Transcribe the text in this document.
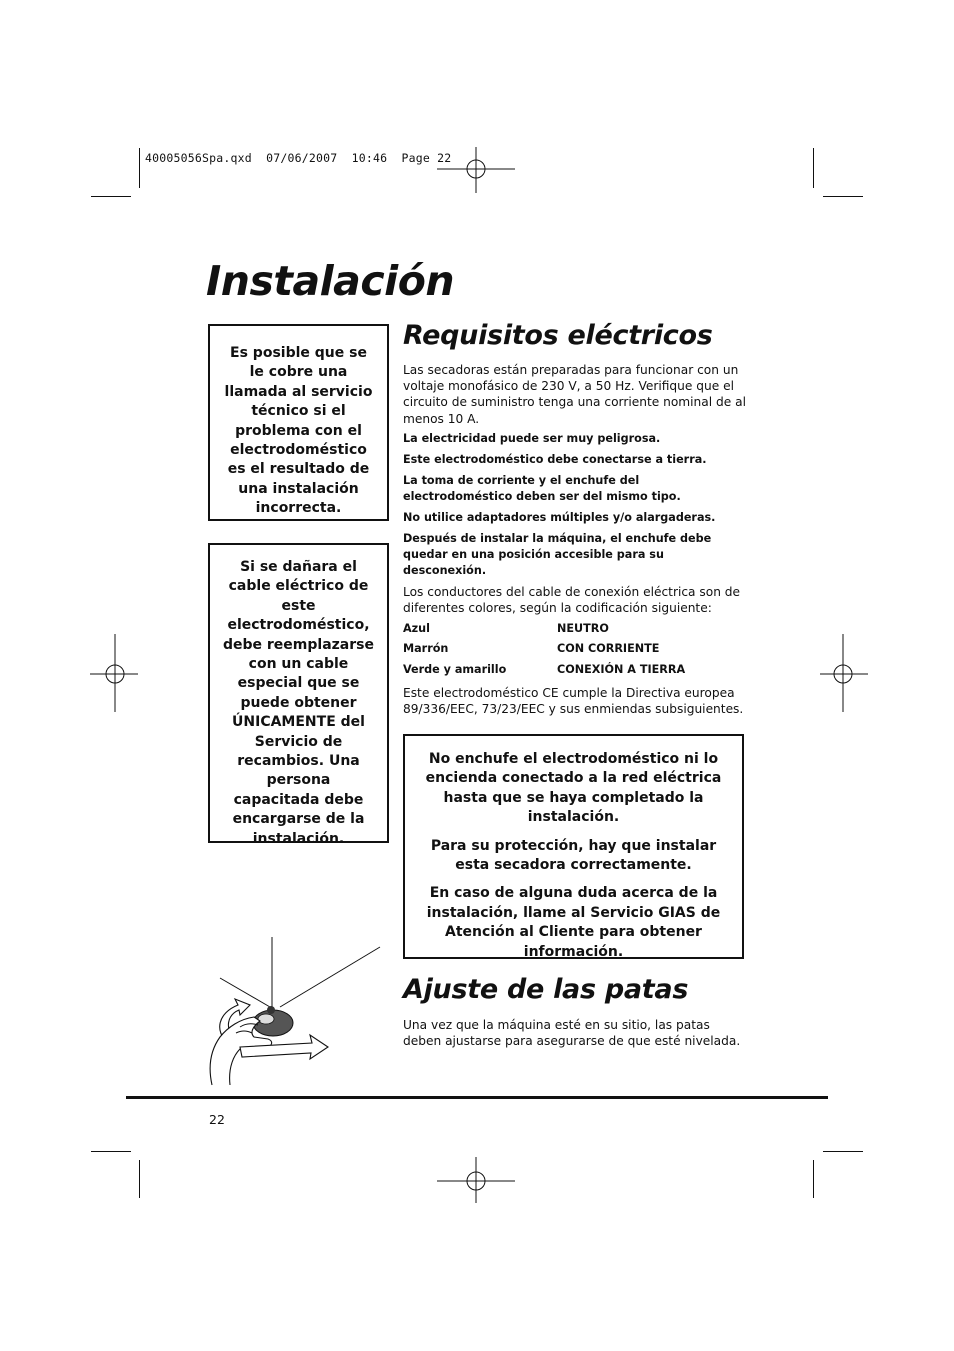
40005056Spa.qxd  07/06/2007  10:46  Page 22
Instalación
Es posible que se le cobre una llamada al servicio técnico si el problema con el electrodoméstico es el resultado de una instalación incorrecta.
Si se dañara el cable eléctrico de este electrodoméstico, debe reemplazarse con un cable especial que se puede obtener ÚNICAMENTE del Servicio de recambios. Una persona capacitada debe encargarse de la instalación.
Requisitos eléctricos

Las secadoras están preparadas para funcionar con un voltaje monofásico de 230 V, a 50 Hz. Verifique que el circuito de suministro tenga una corriente nominal de al menos 10 A.

La electricidad puede ser muy peligrosa.

Este electrodoméstico debe conectarse a tierra.

La toma de corriente y el enchufe del electrodoméstico deben ser del mismo tipo.

No utilice adaptadores múltiples y/o alargaderas.

Después de instalar la máquina, el enchufe debe quedar en una posición accesible para su desconexión.

Los conductores del cable de conexión eléctrica son de diferentes colores, según la codificación siguiente:

Azul	NEUTRO
Marrón	CON CORRIENTE
Verde y amarillo	CONEXIÓN A TIERRA

Este electrodoméstico CE cumple la Directiva europea 89/336/EEC, 73/23/EEC y sus enmiendas subsiguientes.

No enchufe el electrodoméstico ni lo encienda conectado a la red eléctrica hasta que se haya completado la instalación.

Para su protección, hay que instalar esta secadora correctamente.

En caso de alguna duda acerca de la instalación, llame al Servicio GIAS de Atención al Cliente para obtener información.

Ajuste de las patas
Una vez que la máquina esté en su sitio, las patas deben ajustarse para asegurarse de que esté nivelada.
22
